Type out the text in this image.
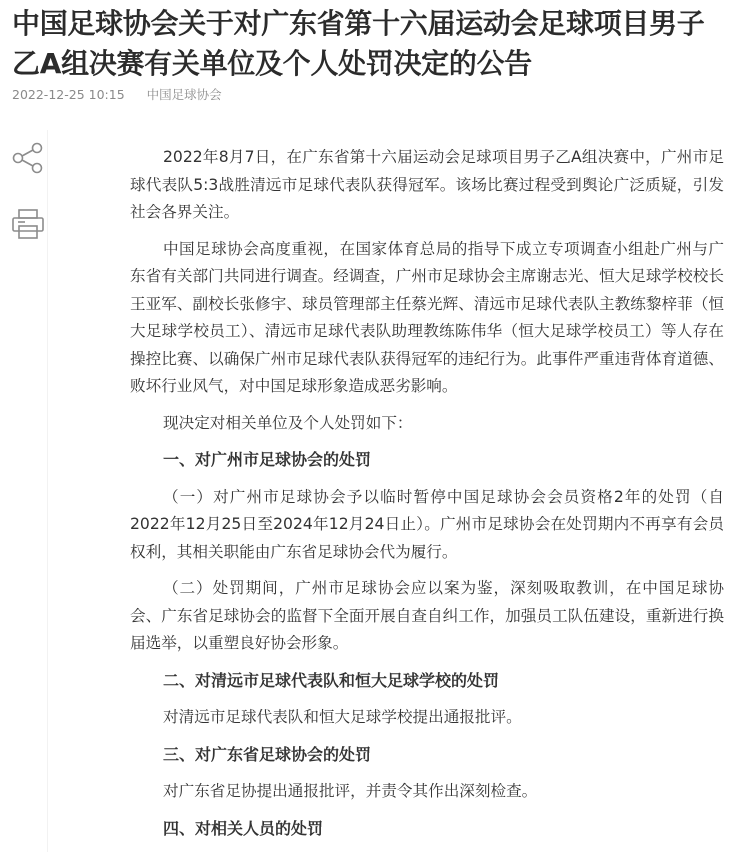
中国足球协会关于对广东省第十六届运动会足球项目男子乙A组决赛有关单位及个人处罚决定的公告
2022-12-25 10:15 中国足球协会

2022年8月7日，在广东省第十六届运动会足球项目男子乙A组决赛中，广州市足球代表队5:3战胜清远市足球代表队获得冠军。该场比赛过程受到舆论广泛质疑，引发社会各界关注。

中国足球协会高度重视，在国家体育总局的指导下成立专项调查小组赴广州与广东省有关部门共同进行调查。经调查，广州市足球协会主席谢志光、恒大足球学校校长王亚军、副校长张修宇、球员管理部主任蔡光辉、清远市足球代表队主教练黎梓菲（恒大足球学校员工）、清远市足球代表队助理教练陈伟华（恒大足球学校员工）等人存在操控比赛、以确保广州市足球代表队获得冠军的违纪行为。此事件严重违背体育道德、败坏行业风气，对中国足球形象造成恶劣影响。

现决定对相关单位及个人处罚如下：

一、对广州市足球协会的处罚

（一）对广州市足球协会予以临时暂停中国足球协会会员资格2年的处罚（自2022年12月25日至2024年12月24日止）。广州市足球协会在处罚期内不再享有会员权利，其相关职能由广东省足球协会代为履行。

（二）处罚期间，广州市足球协会应以案为鉴，深刻吸取教训，在中国足球协会、广东省足球协会的监督下全面开展自查自纠工作，加强员工队伍建设，重新进行换届选举，以重塑良好协会形象。

二、对清远市足球代表队和恒大足球学校的处罚

对清远市足球代表队和恒大足球学校提出通报批评。

三、对广东省足球协会的处罚

对广东省足协提出通报批评，并责令其作出深刻检查。

四、对相关人员的处罚
